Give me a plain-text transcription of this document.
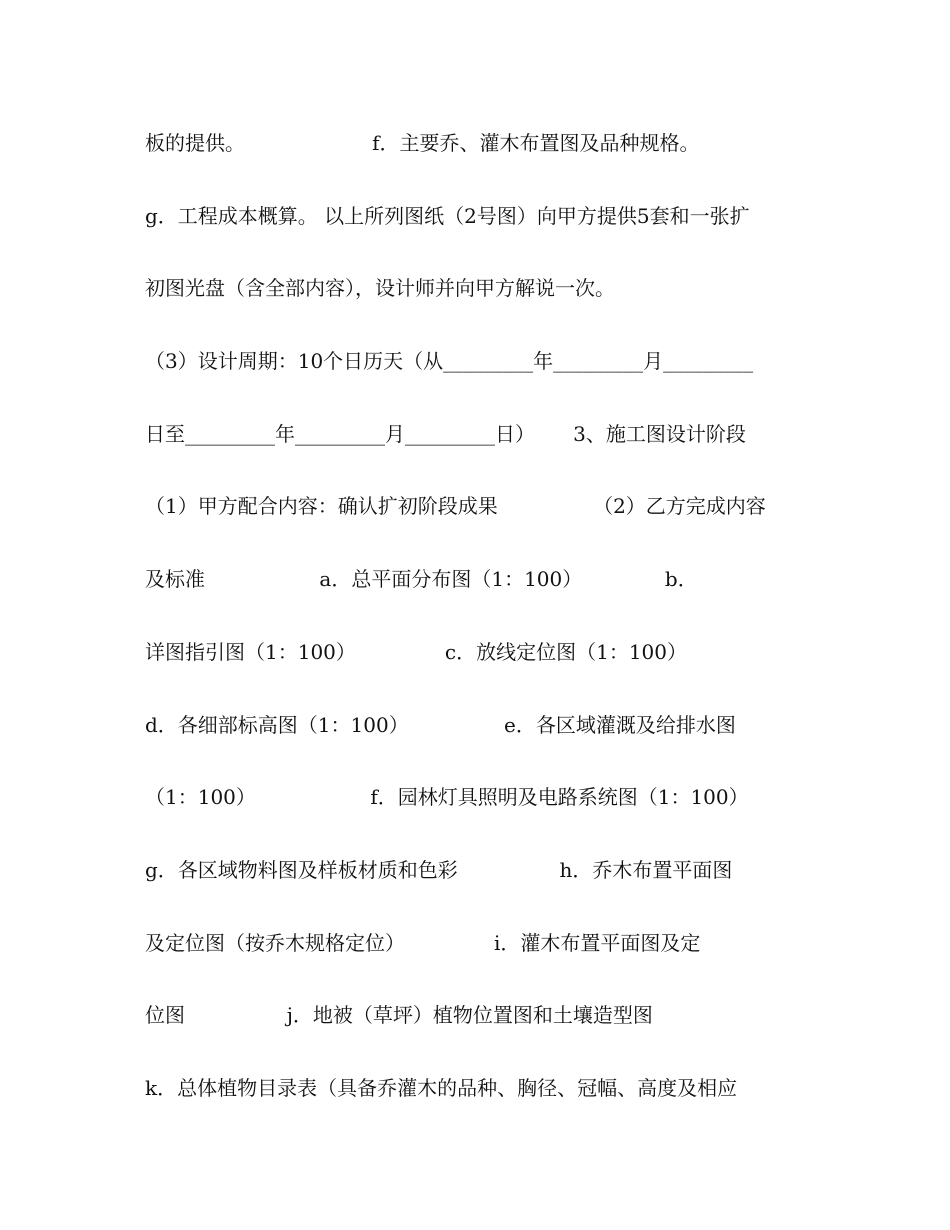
板的提供。                    f．主要乔、灌木布置图及品种规格。
g．工程成本概算。 以上所列图纸（2号图）向甲方提供5套和一张扩
初图光盘（含全部内容），设计师并向甲方解说一次。
（3）设计周期：10个日历天（从_________年_________月_________
日至_________年_________月_________日）      3、施工图设计阶段
（1）甲方配合内容：确认扩初阶段成果               （2）乙方完成内容
及标准                  a．总平面分布图（1：100）             b．
详图指引图（1：100）              c．放线定位图（1：100）
d．各细部标高图（1：100）               e．各区域灌溉及给排水图
（1：100）                  f．园林灯具照明及电路系统图（1：100）
g．各区域物料图及样板材质和色彩                h．乔木布置平面图
及定位图（按乔木规格定位）              i．灌木布置平面图及定
位图                j．地被（草坪）植物位置图和土壤造型图
k．总体植物目录表（具备乔灌木的品种、胸径、冠幅、高度及相应
